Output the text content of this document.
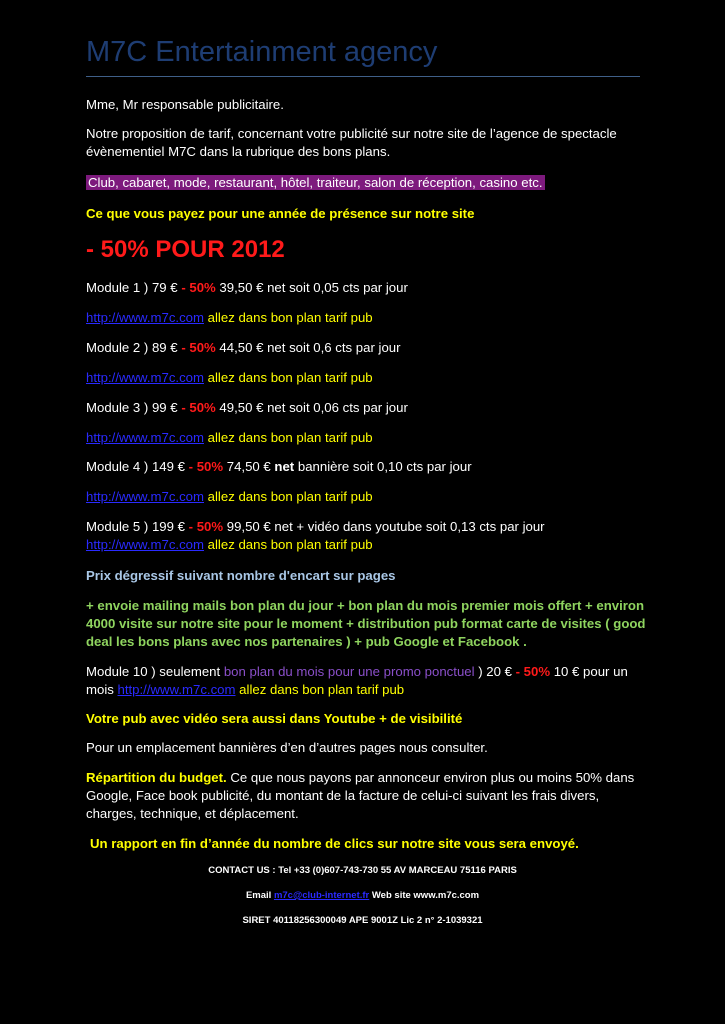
M7C Entertainment agency
Mme, Mr responsable publicitaire.
Notre proposition de tarif, concernant votre publicité sur notre site de l’agence de spectacle évènementiel M7C dans la rubrique des bons plans.
Club, cabaret, mode, restaurant, hôtel, traiteur, salon de réception, casino etc.
Ce que vous payez pour une année de présence sur notre site
- 50% POUR 2012
Module 1 ) 79 € - 50% 39,50 € net soit 0,05 cts par jour
http://www.m7c.com allez dans bon plan tarif pub
Module 2 ) 89 € - 50% 44,50 € net soit 0,6 cts par jour
http://www.m7c.com allez dans bon plan tarif pub
Module 3 ) 99 € - 50% 49,50 € net soit 0,06 cts par jour
http://www.m7c.com allez dans bon plan tarif pub
Module 4 ) 149 € - 50% 74,50 € net bannière soit 0,10 cts par jour
http://www.m7c.com allez dans bon plan tarif pub
Module 5 ) 199 € - 50% 99,50 € net + vidéo dans youtube soit 0,13 cts par jour
http://www.m7c.com allez dans bon plan tarif pub
Prix dégressif suivant nombre d'encart sur pages
+ envoie mailing mails bon plan du jour + bon plan du mois premier mois offert + environ 4000 visite sur notre site pour le moment + distribution pub format carte de visites ( good deal les bons plans avec nos partenaires ) + pub Google et Facebook .
Module 10 ) seulement bon plan du mois pour une promo ponctuel ) 20 € - 50% 10 € pour un mois http://www.m7c.com allez dans bon plan tarif pub
Votre pub avec vidéo sera aussi dans Youtube + de visibilité
Pour un emplacement bannières d’en d’autres pages nous consulter.
Répartition du budget. Ce que nous payons par annonceur environ plus ou moins 50% dans Google, Face book publicité, du montant de la facture de celui-ci suivant les frais divers, charges, technique, et déplacement.
Un rapport en fin d’année du nombre de clics sur notre site vous sera envoyé.
CONTACT US : Tel +33 (0)607-743-730 55 AV MARCEAU 75116 PARIS
Email m7c@club-internet.fr Web site www.m7c.com
SIRET 40118256300049 APE 9001Z Lic 2 n° 2-1039321
